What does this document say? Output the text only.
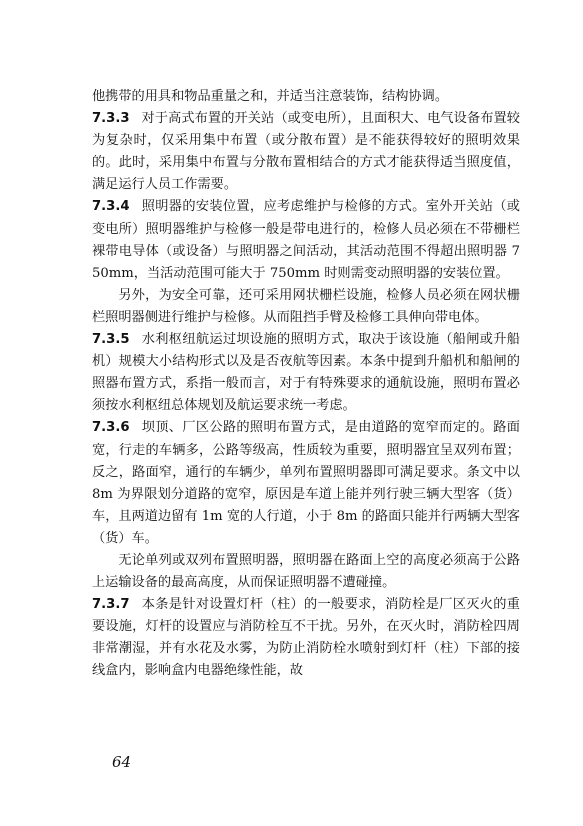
他携带的用具和物品重量之和，并适当注意装饰，结构协调。

7.3.3 对于高式布置的开关站（或变电所），且面积大、电气设备布置较为复杂时，仅采用集中布置（或分散布置）是不能获得较好的照明效果的。此时，采用集中布置与分散布置相结合的方式才能获得适当照度值，满足运行人员工作需要。

7.3.4 照明器的安装位置，应考虑维护与检修的方式。室外开关站（或变电所）照明器维护与检修一般是带电进行的，检修人员必须在不带栅栏裸带电导体（或设备）与照明器之间活动，其活动范围不得超出照明器 750mm，当活动范围可能大于 750mm 时则需变动照明器的安装位置。

另外，为安全可靠，还可采用网状栅栏设施，检修人员必须在网状栅栏照明器侧进行维护与检修。从而阻挡手臂及检修工具伸向带电体。

7.3.5 水利枢纽航运过坝设施的照明方式，取决于该设施（船闸或升船机）规模大小结构形式以及是否夜航等因素。本条中提到升船机和船闸的照器布置方式，系指一般而言，对于有特殊要求的通航设施，照明布置必须按水利枢纽总体规划及航运要求统一考虑。

7.3.6 坝顶、厂区公路的照明布置方式，是由道路的宽窄而定的。路面宽，行走的车辆多，公路等级高，性质较为重要，照明器宜呈双列布置；反之，路面窄，通行的车辆少，单列布置照明器即可满足要求。条文中以 8m 为界限划分道路的宽窄，原因是车道上能并列行驶三辆大型客（货）车，且两道边留有 1m 宽的人行道，小于 8m 的路面只能并行两辆大型客（货）车。

无论单列或双列布置照明器，照明器在路面上空的高度必须高于公路上运输设备的最高高度，从而保证照明器不遭碰撞。

7.3.7 本条是针对设置灯杆（柱）的一般要求，消防栓是厂区灭火的重要设施，灯杆的设置应与消防栓互不干扰。另外，在灭火时，消防栓四周非常潮湿，并有水花及水雾，为防止消防栓水喷射到灯杆（柱）下部的接线盒内，影响盒内电器绝缘性能，故

64
